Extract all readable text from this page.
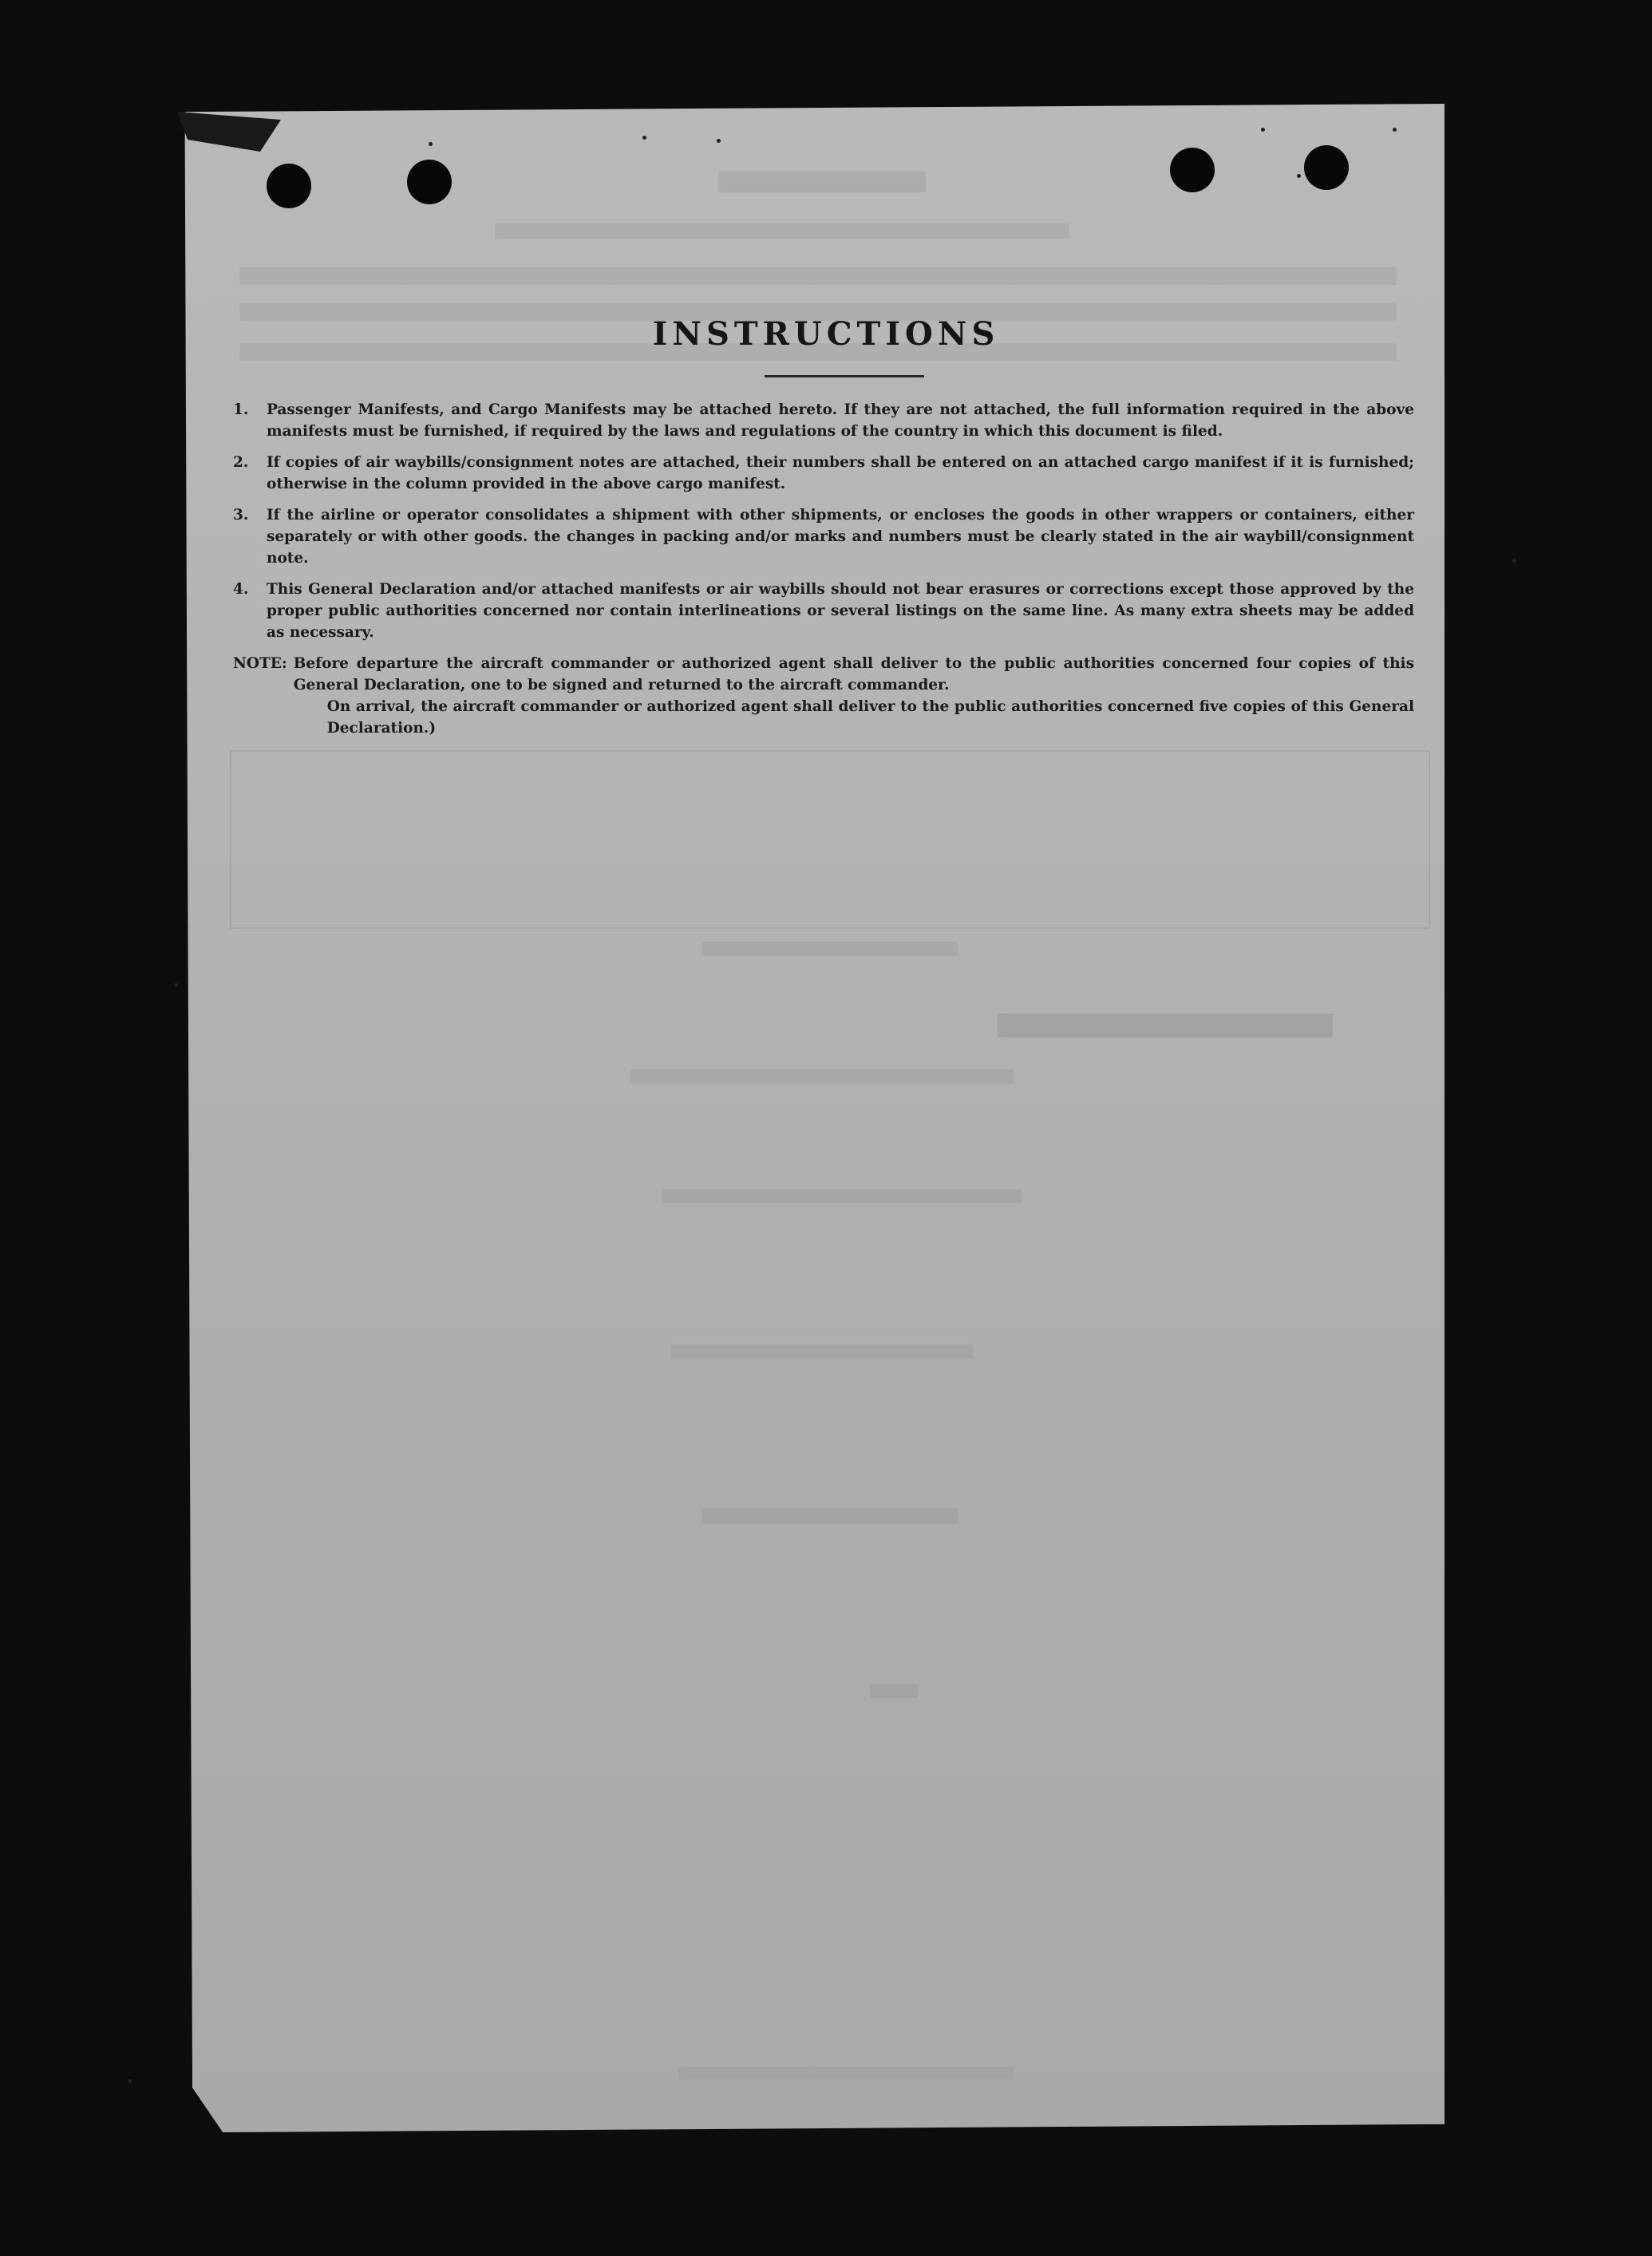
INSTRUCTIONS
1.	Passenger Manifests, and Cargo Manifests may be attached hereto. If they are not attached, the full information required in the above manifests must be furnished, if required by the laws and regulations of the country in which this document is filed.
2.	If copies of air waybills/consignment notes are attached, their numbers shall be entered on an attached cargo manifest if it is furnished; otherwise in the column provided in the above cargo manifest.
3.	If the airline or operator consolidates a shipment with other shipments, or encloses the goods in other wrappers or containers, either separately or with other goods. the changes in packing and/or marks and numbers must be clearly stated in the air waybill/consignment note.
4.	This General Declaration and/or attached manifests or air waybills should not bear erasures or corrections except those approved by the proper public authorities concerned nor contain interlineations or several listings on the same line. As many extra sheets may be added as necessary.
NOTE: Before departure the aircraft commander or authorized agent shall deliver to the public authorities concerned four copies of this General Declaration, one to be signed and returned to the aircraft commander.

On arrival, the aircraft commander or authorized agent shall deliver to the public authorities concerned five copies of this General Declaration.)
